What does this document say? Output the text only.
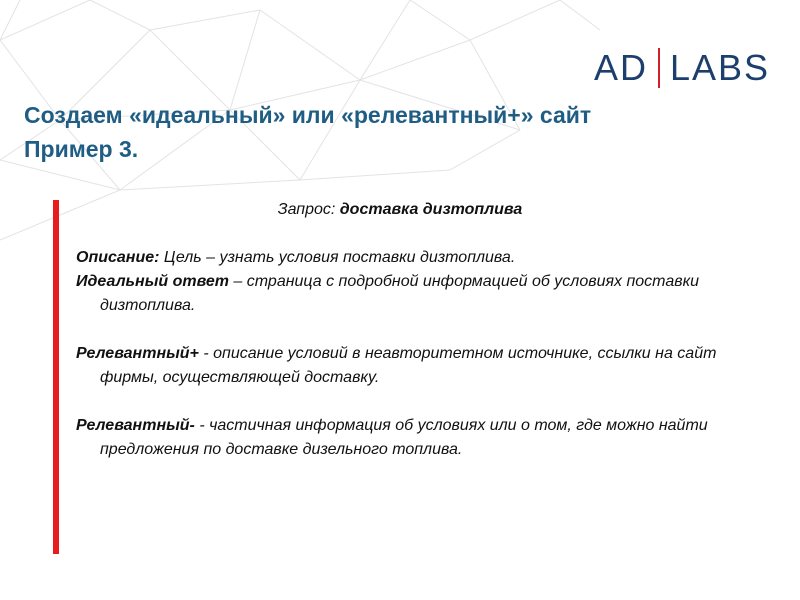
AD LABS
Создаем «идеальный» или «релевантный+» сайт
Пример 3.
Запрос: доставка дизтоплива
Описание: Цель – узнать условия поставки дизтоплива.
Идеальный ответ – страница с подробной информацией об условиях поставки дизтоплива.
Релевантный+ - описание условий в неавторитетном источнике, ссылки на сайт фирмы, осуществляющей доставку.
Релевантный- - частичная информация об условиях или о том, где можно найти предложения по доставке дизельного топлива.
